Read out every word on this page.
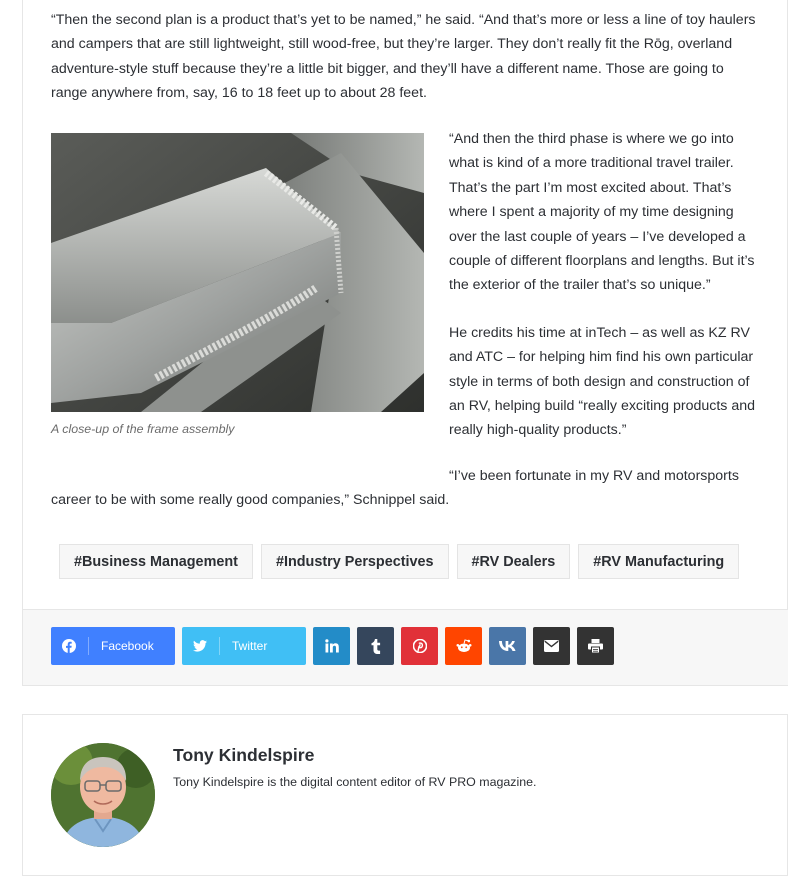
“Then the second plan is a product that’s yet to be named,” he said. “And that’s more or less a line of toy haulers and campers that are still lightweight, still wood-free, but they’re larger. They don’t really fit the Rōg, overland adventure-style stuff because they’re a little bit bigger, and they’ll have a different name. Those are going to range anywhere from, say, 16 to 18 feet up to about 28 feet.

A close-up of the frame assembly

“And then the third phase is where we go into what is kind of a more traditional travel trailer. That’s the part I’m most excited about. That’s where I spent a majority of my time designing over the last couple of years – I’ve developed a couple of different floorplans and lengths. But it’s the exterior of the trailer that’s so unique.”

He credits his time at inTech – as well as KZ RV and ATC – for helping him find his own particular style in terms of both design and construction of an RV, helping build “really exciting products and really high-quality products.”

“I’ve been fortunate in my RV and motorsports

career to be with some really good companies,” Schnippel said.

#Business Management	#Industry Perspectives	#RV Dealers	#RV Manufacturing
Facebook	Twitter
Tony Kindelspire
Tony Kindelspire is the digital content editor of RV PRO magazine.
